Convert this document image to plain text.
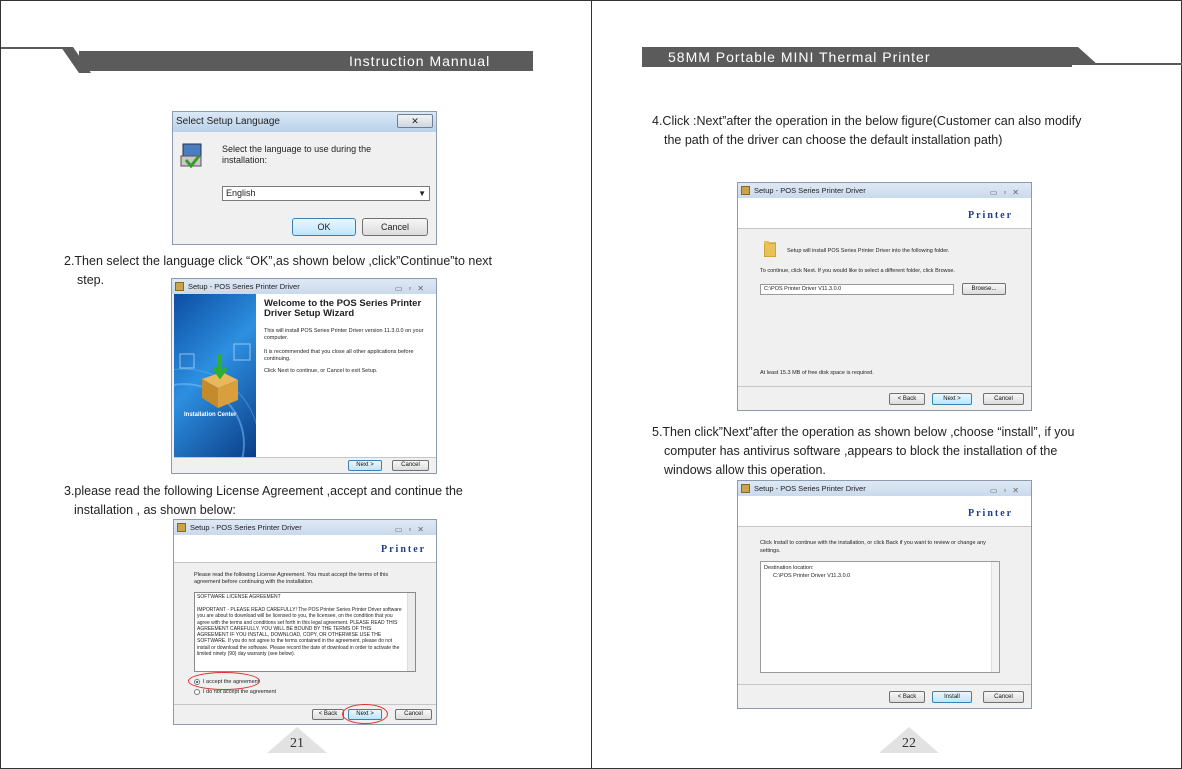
Instruction Mannual
Select Setup Language	✕
Select the language to use during the installation:
English	▼
OK	Cancel
2.Then select the language click “OK”,as shown below ,click”Continue”to next
step.	Setup - POS Series Printer Driver	▭▫✕
Installation Center
Welcome to the POS Series Printer Driver Setup Wizard
This will install POS Series Printer Driver version 11.3.0.0 on your computer.
It is recommended that you close all other applications before continuing.
Click Next to continue, or Cancel to exit Setup.
Next >	Cancel
3.please read the following License Agreement ,accept and continue the
installation , as shown below:
Setup - POS Series Printer Driver	▭▫✕
Printer
Please read the following License Agreement. You must accept the terms of this agreement before continuing with the installation.
SOFTWARE LICENSE AGREEMENT
IMPORTANT - PLEASE READ CAREFULLY! The POS Printer Series Printer Driver software you are about to download will be licensed to you, the licensee, on the condition that you agree with the terms and conditions set forth in this legal agreement. PLEASE READ THIS AGREEMENT CAREFULLY. YOU WILL BE BOUND BY THE TERMS OF THIS AGREEMENT IF YOU INSTALL, DOWNLOAD, COPY, OR OTHERWISE USE THE SOFTWARE. If you do not agree to the terms contained in the agreement, please do not install or download the software. Please record the date of download in order to activate the limited ninety (90) day warranty (see below).
I accept the agreement
I do not accept the agreement
< Back	Next >	Cancel
21
58MM Portable MINI Thermal Printer
4.Click :Next”after the operation in the below figure(Customer can also modify
the path of the driver can choose the default installation path)
Setup - POS Series Printer Driver	▭▫✕
Printer
Setup will install POS Series Printer Driver into the following folder.
To continue, click Next. If you would like to select a different folder, click Browse.
C:\POS Printer Driver V11.3.0.0	Browse...
At least 15.3 MB of free disk space is required.
< Back	Next >	Cancel
5.Then click”Next”after the operation as shown below ,choose “install”, if you
computer has antivirus software ,appears to block the installation of the
windows allow this operation.
Setup - POS Series Printer Driver	▭▫✕
Printer
Click Install to continue with the installation, or click Back if you want to review or change any settings.
Destination location:
C:\POS Printer Driver V11.3.0.0
< Back	Install	Cancel
22
